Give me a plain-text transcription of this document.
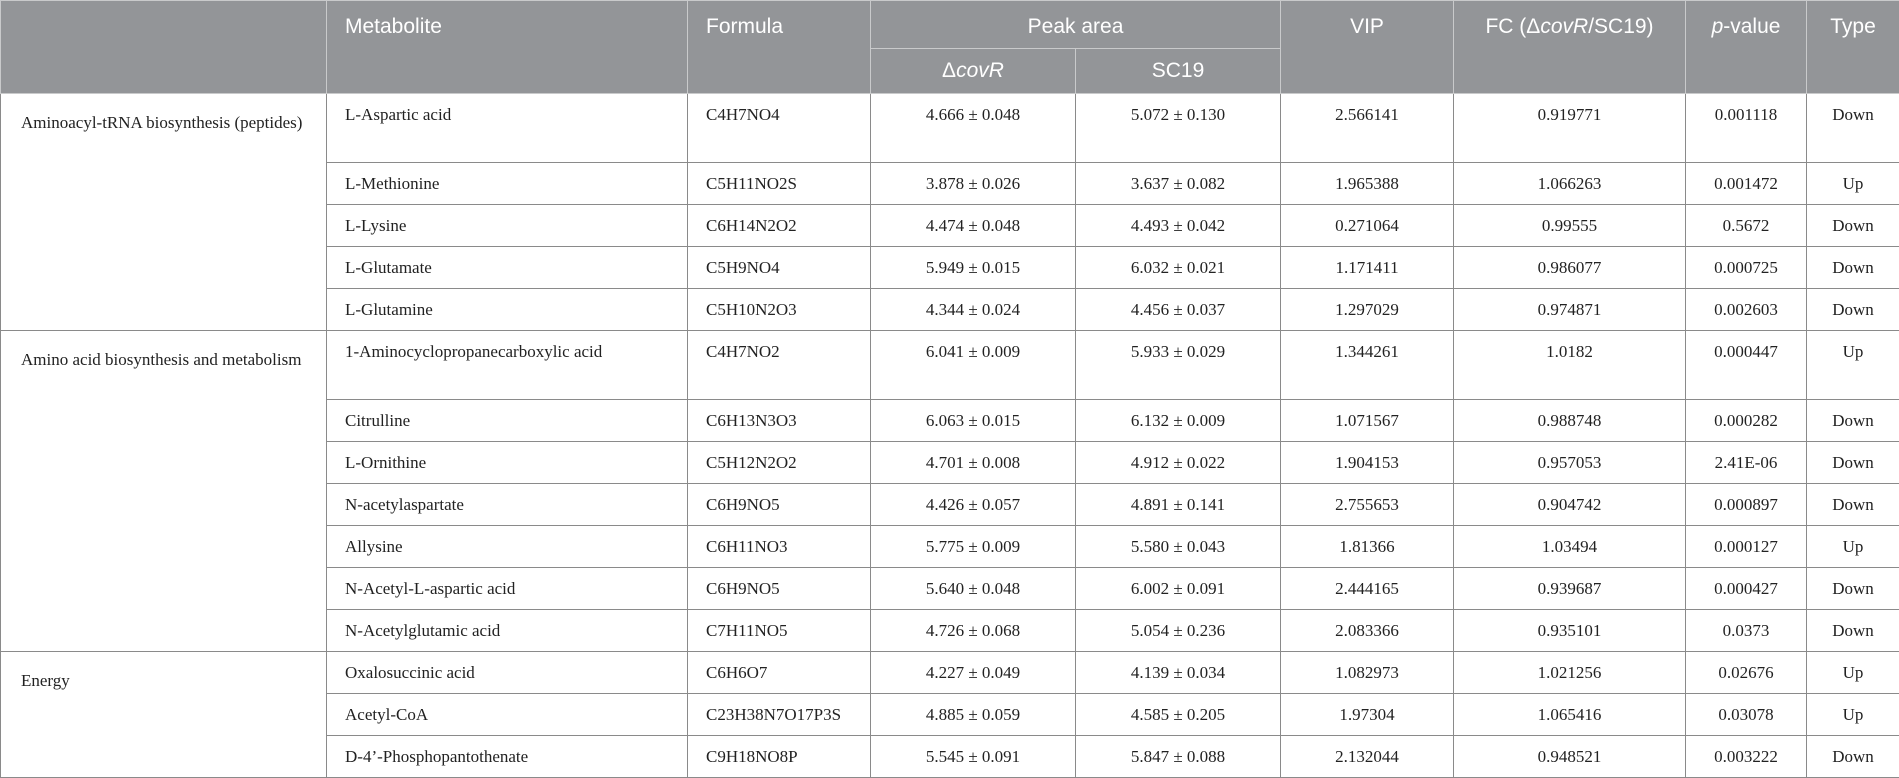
	Metabolite	Formula	Peak area		VIP	FC (ΔcovR/SC19)	p-value	Type
			ΔcovR	SC19				
Aminoacyl-tRNA biosynthesis (peptides)	L-Aspartic acid	C4H7NO4	4.666 ± 0.048	5.072 ± 0.130	2.566141	0.919771	0.001118	Down
	L-Methionine	C5H11NO2S	3.878 ± 0.026	3.637 ± 0.082	1.965388	1.066263	0.001472	Up
	L-Lysine	C6H14N2O2	4.474 ± 0.048	4.493 ± 0.042	0.271064	0.99555	0.5672	Down
	L-Glutamate	C5H9NO4	5.949 ± 0.015	6.032 ± 0.021	1.171411	0.986077	0.000725	Down
	L-Glutamine	C5H10N2O3	4.344 ± 0.024	4.456 ± 0.037	1.297029	0.974871	0.002603	Down
Amino acid biosynthesis and metabolism	1-Aminocyclopropanecarboxylic acid	C4H7NO2	6.041 ± 0.009	5.933 ± 0.029	1.344261	1.0182	0.000447	Up
	Citrulline	C6H13N3O3	6.063 ± 0.015	6.132 ± 0.009	1.071567	0.988748	0.000282	Down
	L-Ornithine	C5H12N2O2	4.701 ± 0.008	4.912 ± 0.022	1.904153	0.957053	2.41E-06	Down
	N-acetylaspartate	C6H9NO5	4.426 ± 0.057	4.891 ± 0.141	2.755653	0.904742	0.000897	Down
	Allysine	C6H11NO3	5.775 ± 0.009	5.580 ± 0.043	1.81366	1.03494	0.000127	Up
	N-Acetyl-L-aspartic acid	C6H9NO5	5.640 ± 0.048	6.002 ± 0.091	2.444165	0.939687	0.000427	Down
	N-Acetylglutamic acid	C7H11NO5	4.726 ± 0.068	5.054 ± 0.236	2.083366	0.935101	0.0373	Down
Energy	Oxalosuccinic acid	C6H6O7	4.227 ± 0.049	4.139 ± 0.034	1.082973	1.021256	0.02676	Up
	Acetyl-CoA	C23H38N7O17P3S	4.885 ± 0.059	4.585 ± 0.205	1.97304	1.065416	0.03078	Up
	D-4’-Phosphopantothenate	C9H18NO8P	5.545 ± 0.091	5.847 ± 0.088	2.132044	0.948521	0.003222	Down
